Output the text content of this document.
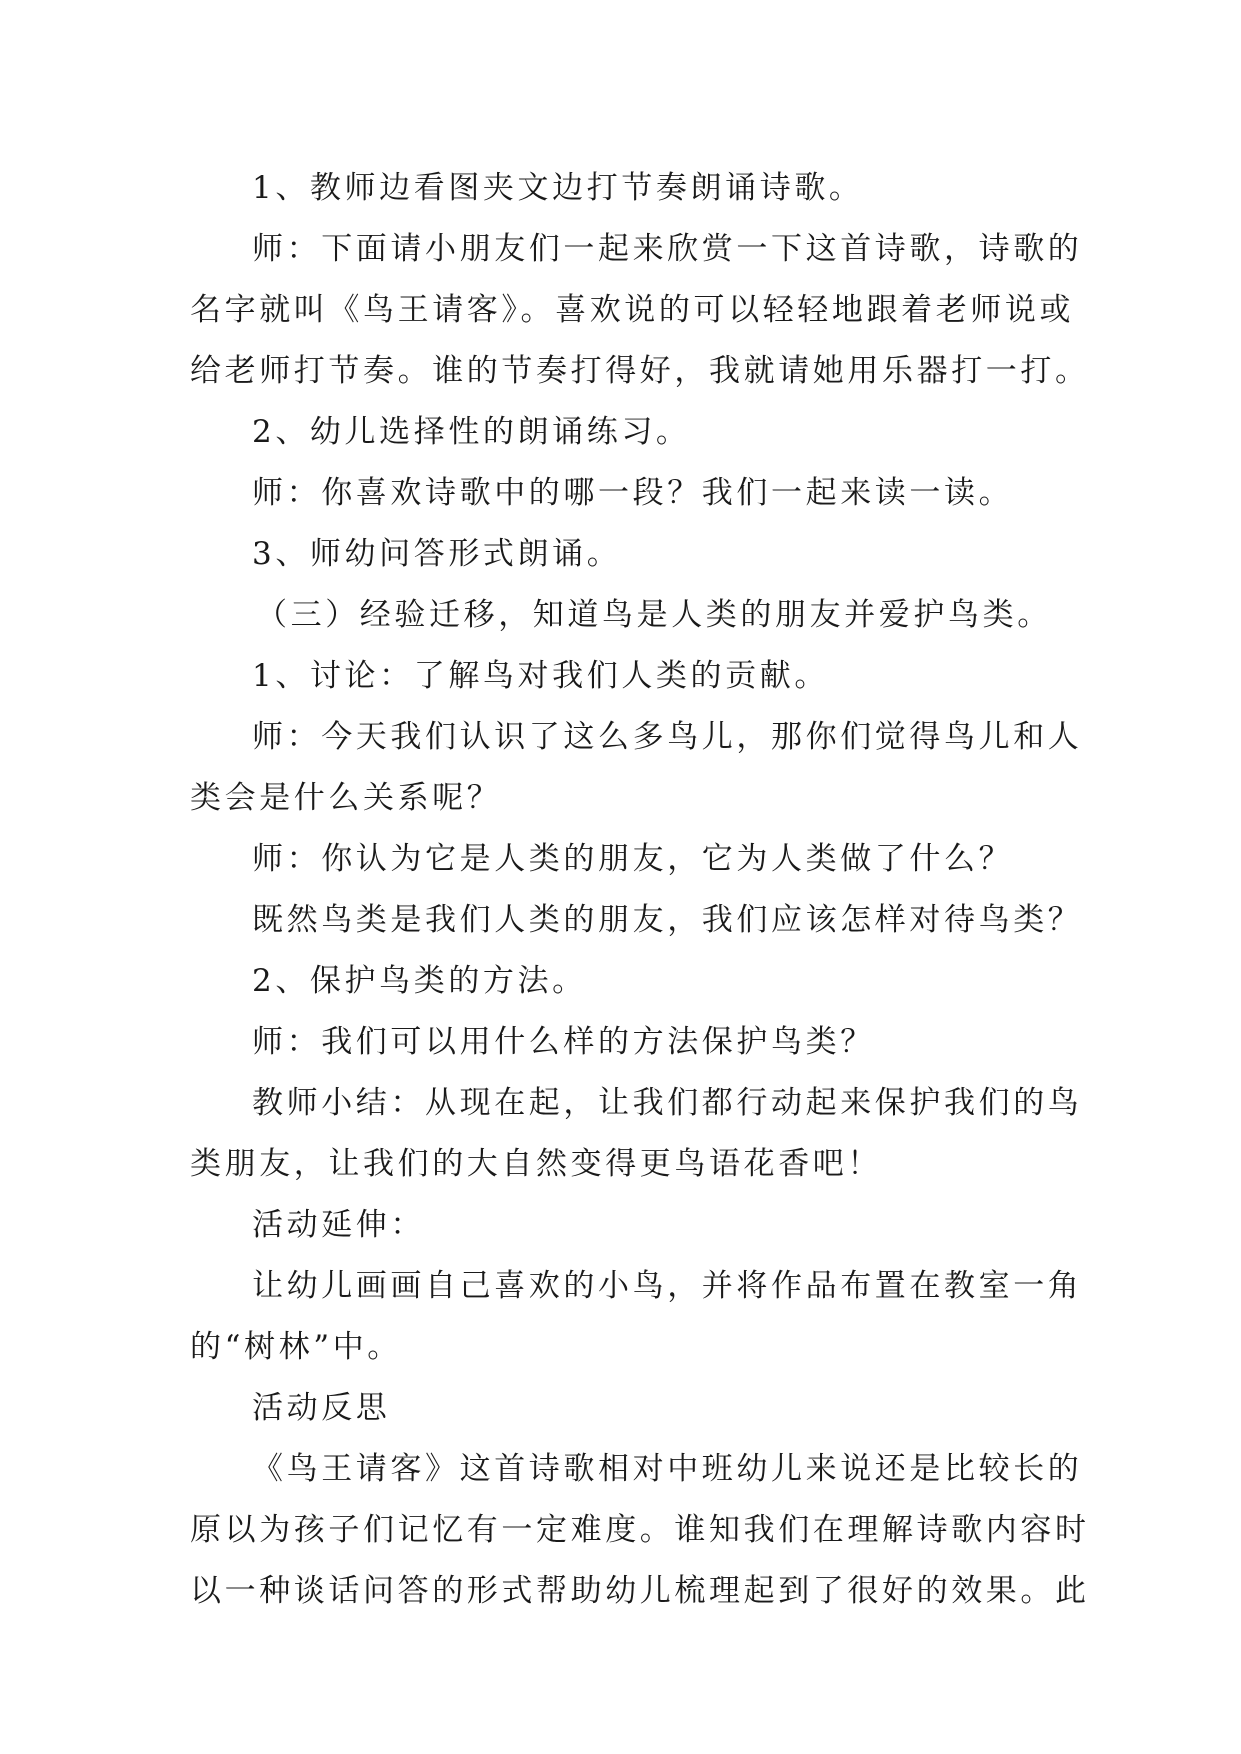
1、教师边看图夹文边打节奏朗诵诗歌。
师：下面请小朋友们一起来欣赏一下这首诗歌，诗歌的
名字就叫《鸟王请客》。喜欢说的可以轻轻地跟着老师说或
给老师打节奏。谁的节奏打得好，我就请她用乐器打一打。
2、幼儿选择性的朗诵练习。
师：你喜欢诗歌中的哪一段？我们一起来读一读。
3、师幼问答形式朗诵。
（三）经验迁移，知道鸟是人类的朋友并爱护鸟类。
1、讨论：了解鸟对我们人类的贡献。
师：今天我们认识了这么多鸟儿，那你们觉得鸟儿和人
类会是什么关系呢？
师：你认为它是人类的朋友，它为人类做了什么？
既然鸟类是我们人类的朋友，我们应该怎样对待鸟类？
2、保护鸟类的方法。
师：我们可以用什么样的方法保护鸟类？
教师小结：从现在起，让我们都行动起来保护我们的鸟
类朋友，让我们的大自然变得更鸟语花香吧！
活动延伸：
让幼儿画画自己喜欢的小鸟，并将作品布置在教室一角
的“树林”中。
活动反思
《鸟王请客》这首诗歌相对中班幼儿来说还是比较长的
原以为孩子们记忆有一定难度。谁知我们在理解诗歌内容时
以一种谈话问答的形式帮助幼儿梳理起到了很好的效果。此
